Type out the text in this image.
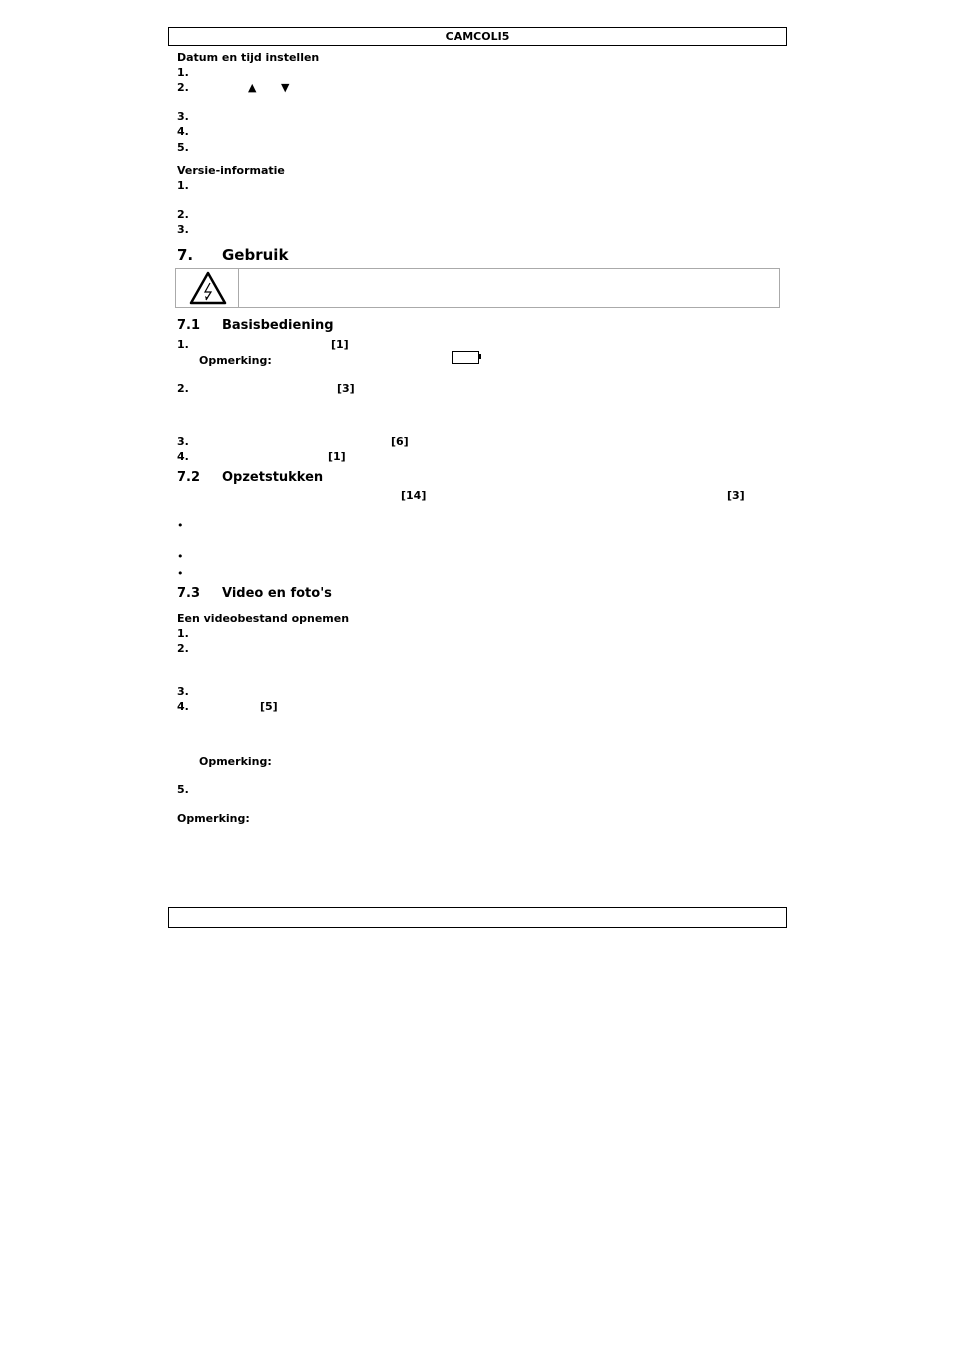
CAMCOLI5
Datum en tijd instellen
1.
2.	▲ ▼
3.
4.
5.
Versie-informatie
1.
2.
3.
7. Gebruik
7.1 Basisbediening
1.	[1]
Opmerking:
2.	[3]
3.	[6]
4.	[1]
7.2 Opzetstukken
[14]	[3]
•
•
•
7.3 Video en foto's
Een videobestand opnemen
1.
2.
3.
4.	[5]
Opmerking:
5.
Opmerking:
